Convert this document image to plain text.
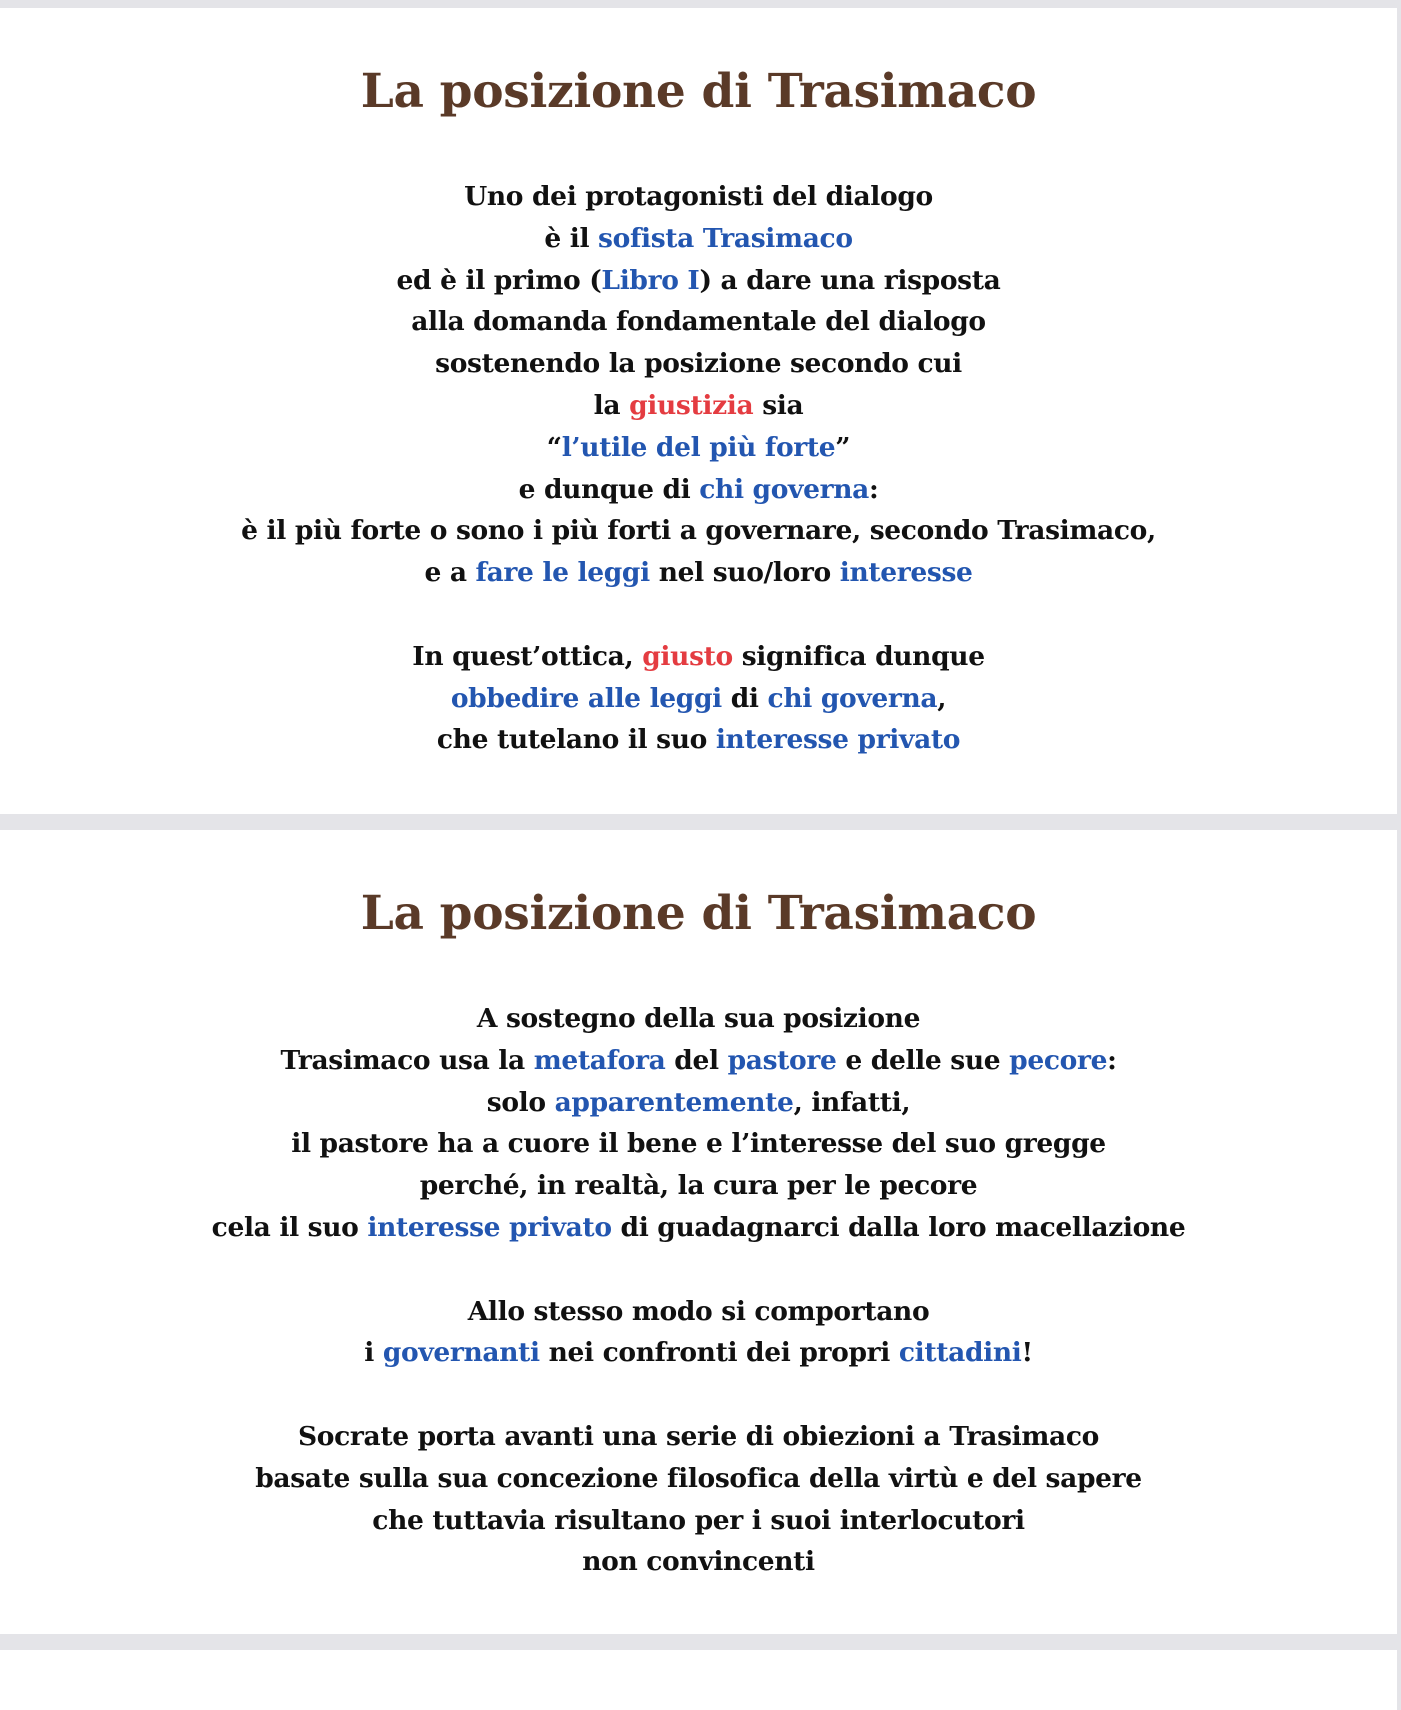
La posizione di Trasimaco
Uno dei protagonisti del dialogo
è il sofista Trasimaco
ed è il primo (Libro I) a dare una risposta
alla domanda fondamentale del dialogo
sostenendo la posizione secondo cui
la giustizia sia
“l’utile del più forte”
e dunque di chi governa:
è il più forte o sono i più forti a governare, secondo Trasimaco,
e a fare le leggi nel suo/loro interesse
In quest’ottica, giusto significa dunque
obbedire alle leggi di chi governa,
che tutelano il suo interesse privato
La posizione di Trasimaco
A sostegno della sua posizione
Trasimaco usa la metafora del pastore e delle sue pecore:
solo apparentemente, infatti,
il pastore ha a cuore il bene e l’interesse del suo gregge
perché, in realtà, la cura per le pecore
cela il suo interesse privato di guadagnarci dalla loro macellazione
Allo stesso modo si comportano
i governanti nei confronti dei propri cittadini!
Socrate porta avanti una serie di obiezioni a Trasimaco
basate sulla sua concezione filosofica della virtù e del sapere
che tuttavia risultano per i suoi interlocutori
non convincenti
